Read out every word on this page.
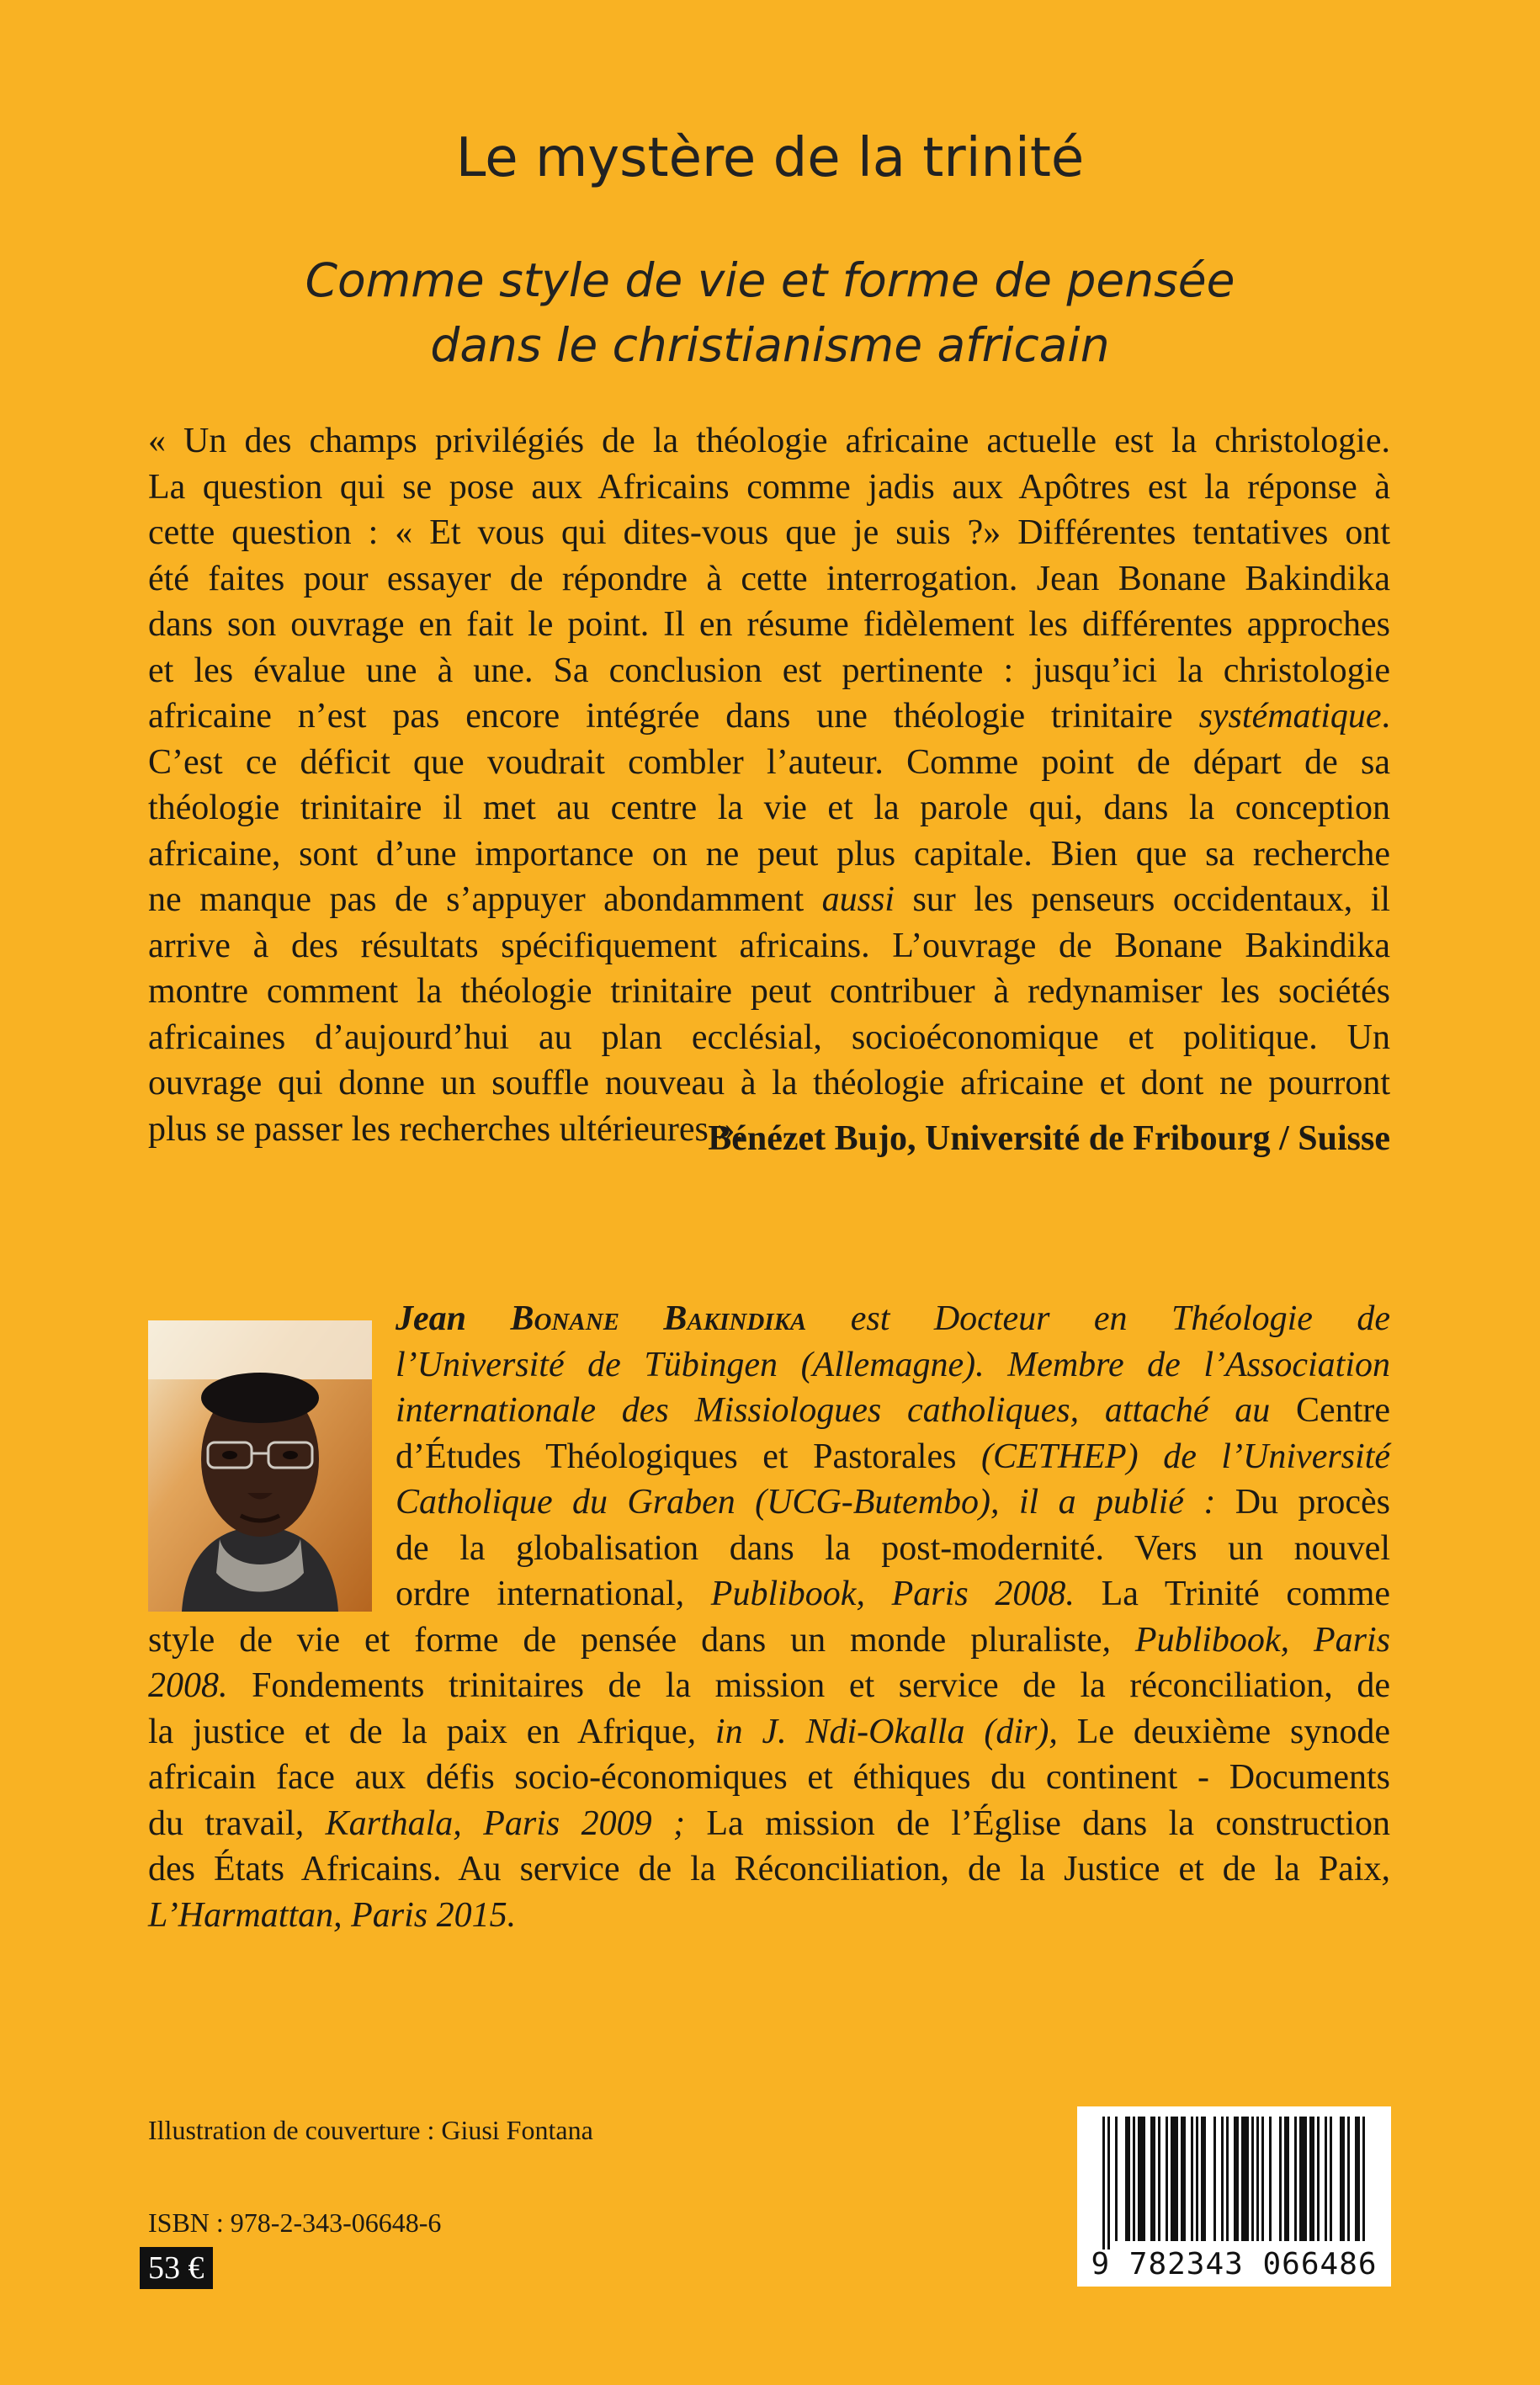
Le mystère de la trinité
Comme style de vie et forme de pensée
dans le christianisme africain
« Un des champs privilégiés de la théologie africaine actuelle est la christologie.
La question qui se pose aux Africains comme jadis aux Apôtres est la réponse à
cette question : « Et vous qui dites-vous que je suis ?» Différentes tentatives ont
été faites pour essayer de répondre à cette interrogation. Jean Bonane Bakindika
dans son ouvrage en fait le point. Il en résume fidèlement les différentes approches
et les évalue une à une. Sa conclusion est pertinente : jusqu’ici la christologie
africaine n’est pas encore intégrée dans une théologie trinitaire systématique.
C’est ce déficit que voudrait combler l’auteur. Comme point de départ de sa
théologie trinitaire il met au centre la vie et la parole qui, dans la conception
africaine, sont d’une importance on ne peut plus capitale. Bien que sa recherche
ne manque pas de s’appuyer abondamment aussi sur les penseurs occidentaux, il
arrive à des résultats spécifiquement africains. L’ouvrage de Bonane Bakindika
montre comment la théologie trinitaire peut contribuer à redynamiser les sociétés
africaines d’aujourd’hui au plan ecclésial, socioéconomique et politique. Un
ouvrage qui donne un souffle nouveau à la théologie africaine et dont ne pourront
plus se passer les recherches ultérieures ».
Bénézet Bujo, Université de Fribourg / Suisse
Jean Bonane Bakindika est Docteur en Théologie de
l’Université de Tübingen (Allemagne). Membre de l’Association
internationale des Missiologues catholiques, attaché au Centre
d’Études Théologiques et Pastorales (CETHEP) de l’Université
Catholique du Graben (UCG-Butembo), il a publié : Du procès
de la globalisation dans la post-modernité. Vers un nouvel
ordre international, Publibook, Paris 2008. La Trinité comme
style de vie et forme de pensée dans un monde pluraliste, Publibook, Paris
2008. Fondements trinitaires de la mission et service de la réconciliation, de
la justice et de la paix en Afrique, in J. Ndi-Okalla (dir), Le deuxième synode
africain face aux défis socio-économiques et éthiques du continent - Documents
du travail, Karthala, Paris 2009 ; La mission de l’Église dans la construction
des États Africains. Au service de la Réconciliation, de la Justice et de la Paix,
L’Harmattan, Paris 2015.
Illustration de couverture : Giusi Fontana
ISBN : 978-2-343-06648-6
53 €	9 782343 066486
